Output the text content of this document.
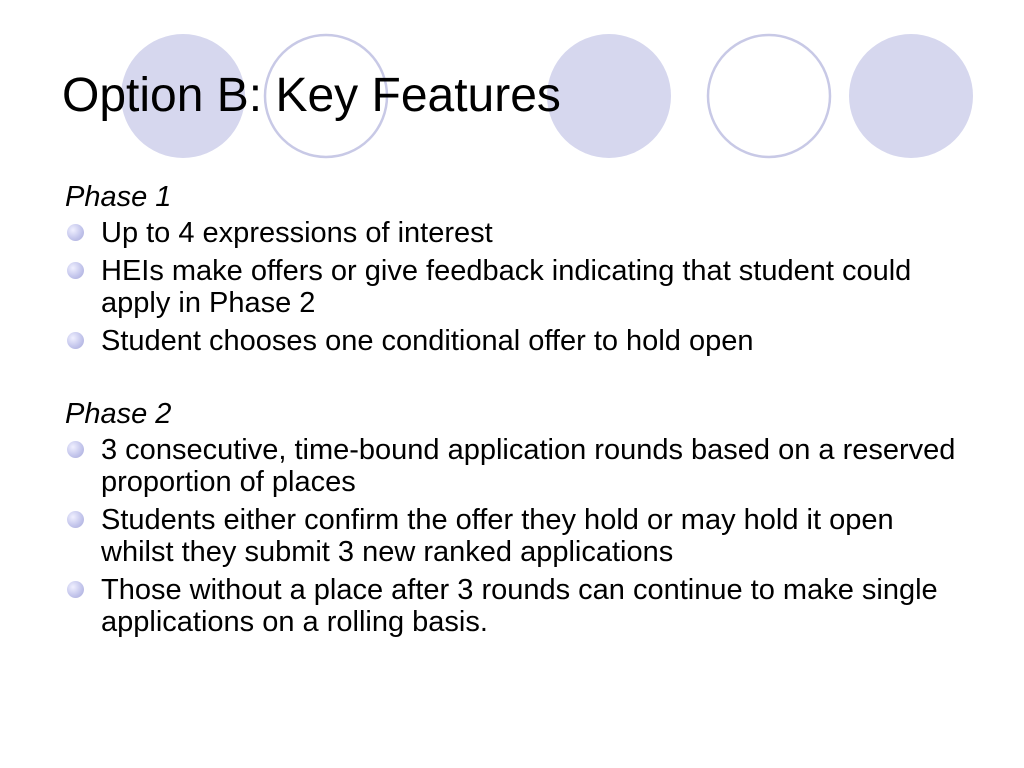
Option B: Key Features

Phase 1

Up to 4 expressions of interest
HEIs make offers or give feedback indicating that student could apply in Phase 2
Student chooses one conditional offer to hold open

Phase 2

3 consecutive, time-bound application rounds based on a reserved proportion of places
Students either confirm the offer they hold or may hold it open whilst they submit 3 new ranked applications
Those without a place after 3 rounds can continue to make single applications on a rolling basis.
